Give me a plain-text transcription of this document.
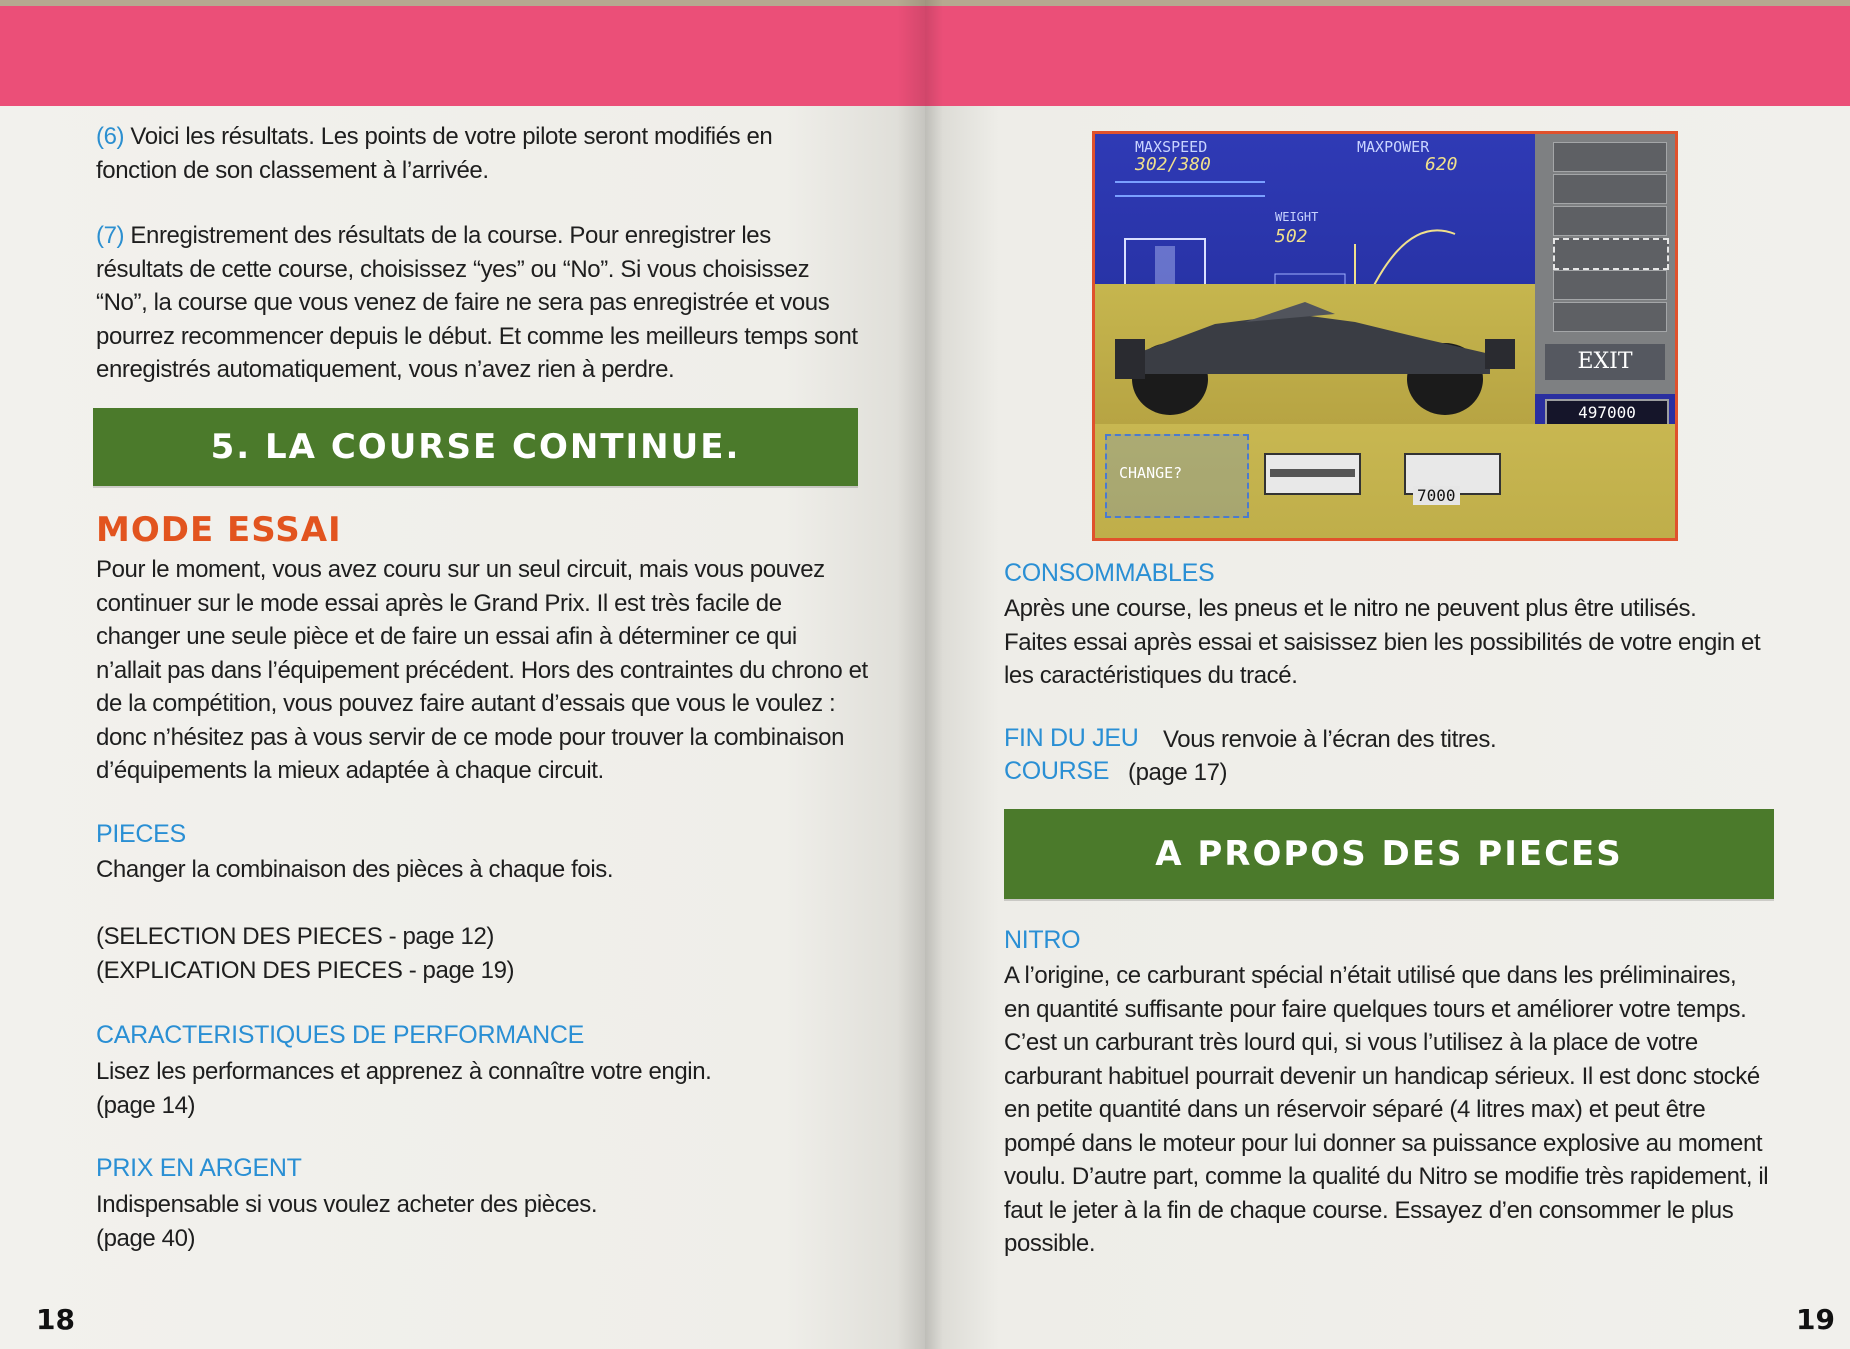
(6) Voici les résultats. Les points de votre pilote seront modifiés en
fonction de son classement à l’arrivée.
(7) Enregistrement des résultats de la course. Pour enregistrer les
résultats de cette course, choisissez “yes” ou “No”. Si vous choisissez
“No”, la course que vous venez de faire ne sera pas enregistrée et vous
pourrez recommencer depuis le début. Et comme les meilleurs temps sont
enregistrés automatiquement, vous n’avez rien à perdre.
5. LA COURSE CONTINUE.
MODE ESSAI
Pour le moment, vous avez couru sur un seul circuit, mais vous pouvez
continuer sur le mode essai après le Grand Prix. Il est très facile de
changer une seule pièce et de faire un essai afin à déterminer ce qui
n’allait pas dans l’équipement précédent. Hors des contraintes du chrono et
de la compétition, vous pouvez faire autant d’essais que vous le voulez :
donc n’hésitez pas à vous servir de ce mode pour trouver la combinaison
d’équipements la mieux adaptée à chaque circuit.
PIECES
Changer la combinaison des pièces à chaque fois.
(SELECTION DES PIECES - page 12)
(EXPLICATION DES PIECES - page 19)
CARACTERISTIQUES DE PERFORMANCE
Lisez les performances et apprenez à connaître votre engin.
(page 14)
PRIX EN ARGENT
Indispensable si vous voulez acheter des pièces.
(page 40)
18
MAXSPEED
302/380
MAXPOWER
620
WEIGHT
502
EXIT
497000
CHANGE?
7000
CONSOMMABLES
Après une course, les pneus et le nitro ne peuvent plus être utilisés.
Faites essai après essai et saisissez bien les possibilités de votre engin et
les caractéristiques du tracé.
FIN DU JEU Vous renvoie à l’écran des titres.
COURSE (page 17)
A PROPOS DES PIECES
NITRO
A l’origine, ce carburant spécial n’était utilisé que dans les préliminaires,
en quantité suffisante pour faire quelques tours et améliorer votre temps.
C’est un carburant très lourd qui, si vous l’utilisez à la place de votre
carburant habituel pourrait devenir un handicap sérieux. Il est donc stocké
en petite quantité dans un réservoir séparé (4 litres max) et peut être
pompé dans le moteur pour lui donner sa puissance explosive au moment
voulu. D’autre part, comme la qualité du Nitro se modifie très rapidement, il
faut le jeter à la fin de chaque course. Essayez d’en consommer le plus
possible.
19
